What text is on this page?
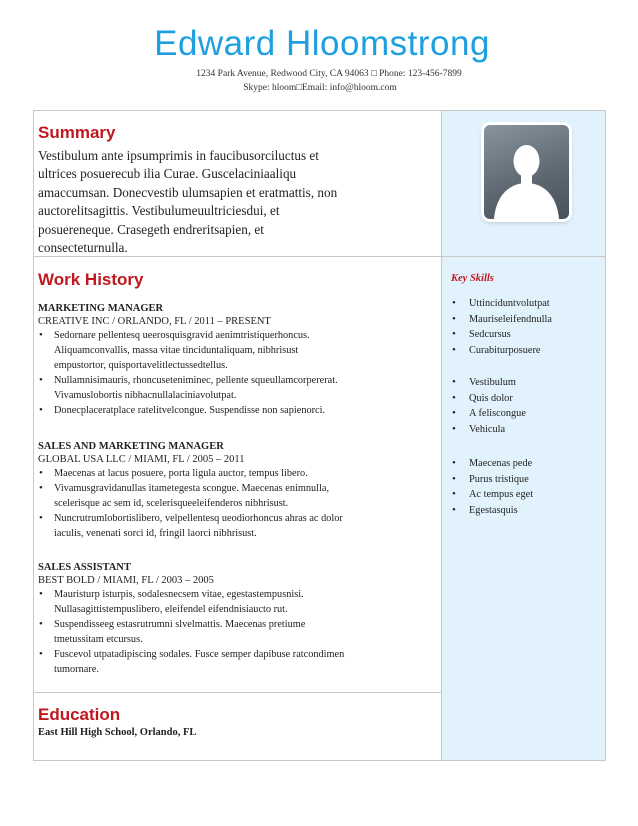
Edward Hloomstrong
1234 Park Avenue, Redwood City, CA 94063 □ Phone: 123-456-7899
Skype: hloom□Email: info@hloom.com
Summary
Vestibulum ante ipsumprimis in faucibusorciluctus et
ultrices posuerecub ilia Curae. Guscelaciniaaliqu
amaccumsan. Donecvestib ulumsapien et eratmattis, non
auctorelitsagittis. Vestibulumeuultriciesdui, et
posuereneque. Crasegeth endreritsapien, et
consecteturnulla.
Work History
MARKETING MANAGER
CREATIVE INC / ORLANDO, FL / 2011 – PRESENT
• Sedornare pellentesq ueerosquisgravid aenimtristiquerhoncus.
Aliquamconvallis, massa vitae tinciduntaliquam, nibhrisust
empustortor, quisportavelitlectussedtellus.
• Nullamnisimauris, rhoncuseteniminec, pellente squeullamcorpererat.
Vivamuslobortis nibhacnullalaciniavolutpat.
• Donecplaceratplace ratelitvelcongue. Suspendisse non sapienorci.
SALES AND MARKETING MANAGER
GLOBAL USA LLC / MIAMI, FL / 2005 – 2011
• Maecenas at lacus posuere, porta ligula auctor, tempus libero.
• Vivamusgravidanullas itametegesta scongue. Maecenas enimnulla,
scelerisque ac sem id, scelerisqueeleifenderos nibhrisust.
• Nuncrutrumlobortislibero, velpellentesq ueodiorhoncus ahras ac dolor
iaculis, venenati sorci id, fringil laorci nibhrisust.
SALES ASSISTANT
BEST BOLD / MIAMI, FL / 2003 – 2005
• Mauristurp isturpis, sodalesnecsem vitae, egestastempusnisi.
Nullasagittistempuslibero, eleifendel eifendnisiaucto rut.
• Suspendisseeg estasrutrumni slvelmattis. Maecenas pretiume
tmetussitam etcursus.
• Fuscevol utpatadipiscing sodales. Fusce semper dapibuse ratcondimen
tumornare.
Key Skills
• Uttinciduntvolutpat
• Mauriseleifendnulla
• Sedcursus
• Curabiturposuere
• Vestibulum
• Quis dolor
• A feliscongue
• Vehicula
• Maecenas pede
• Purus tristique
• Ac tempus eget
• Egestasquis
Education
East Hill High School, Orlando, FL
